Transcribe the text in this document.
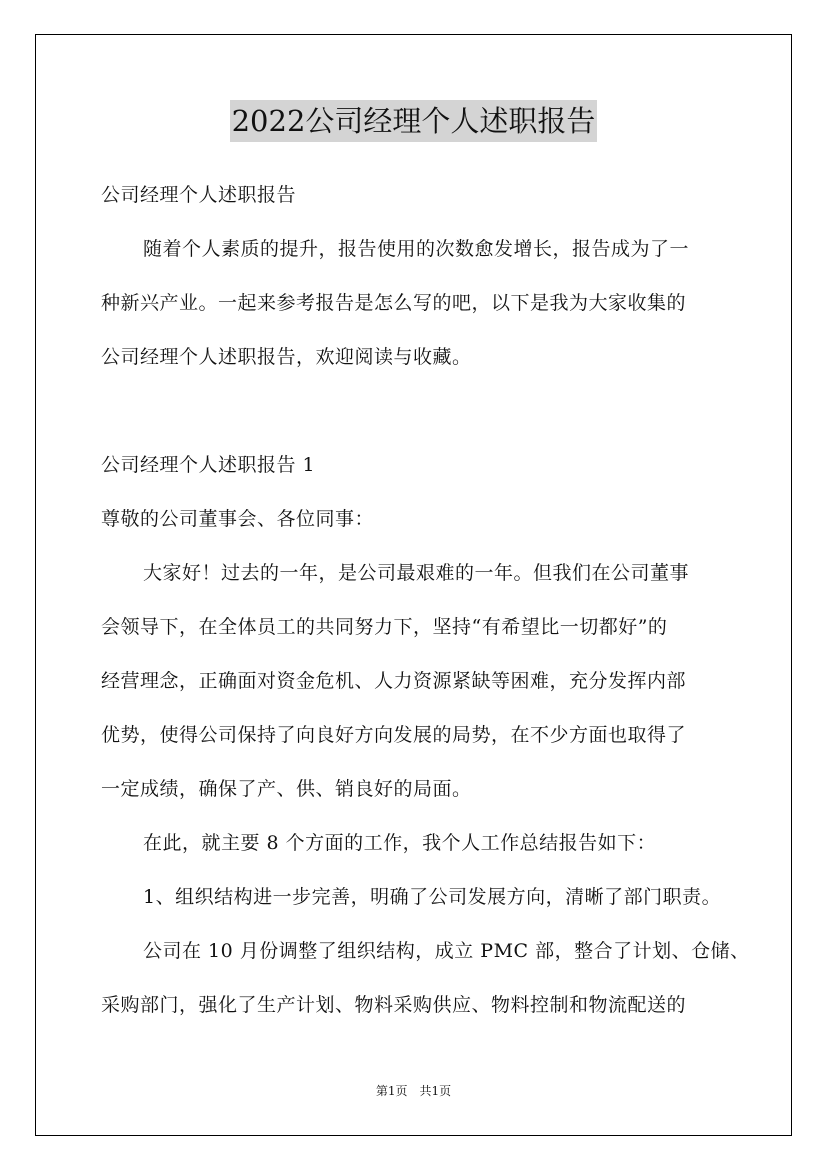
2022公司经理个人述职报告
公司经理个人述职报告
随着个人素质的提升，报告使用的次数愈发增长，报告成为了一
种新兴产业。一起来参考报告是怎么写的吧，以下是我为大家收集的
公司经理个人述职报告，欢迎阅读与收藏。
公司经理个人述职报告 1
尊敬的公司董事会、各位同事：
大家好！过去的一年，是公司最艰难的一年。但我们在公司董事
会领导下，在全体员工的共同努力下，坚持“有希望比一切都好”的
经营理念，正确面对资金危机、人力资源紧缺等困难，充分发挥内部
优势，使得公司保持了向良好方向发展的局势，在不少方面也取得了
一定成绩，确保了产、供、销良好的局面。
在此，就主要 8 个方面的工作，我个人工作总结报告如下：
1、组织结构进一步完善，明确了公司发展方向，清晰了部门职责。
公司在 10 月份调整了组织结构，成立 PMC 部，整合了计划、仓储、
采购部门，强化了生产计划、物料采购供应、物料控制和物流配送的
第1页　共1页
